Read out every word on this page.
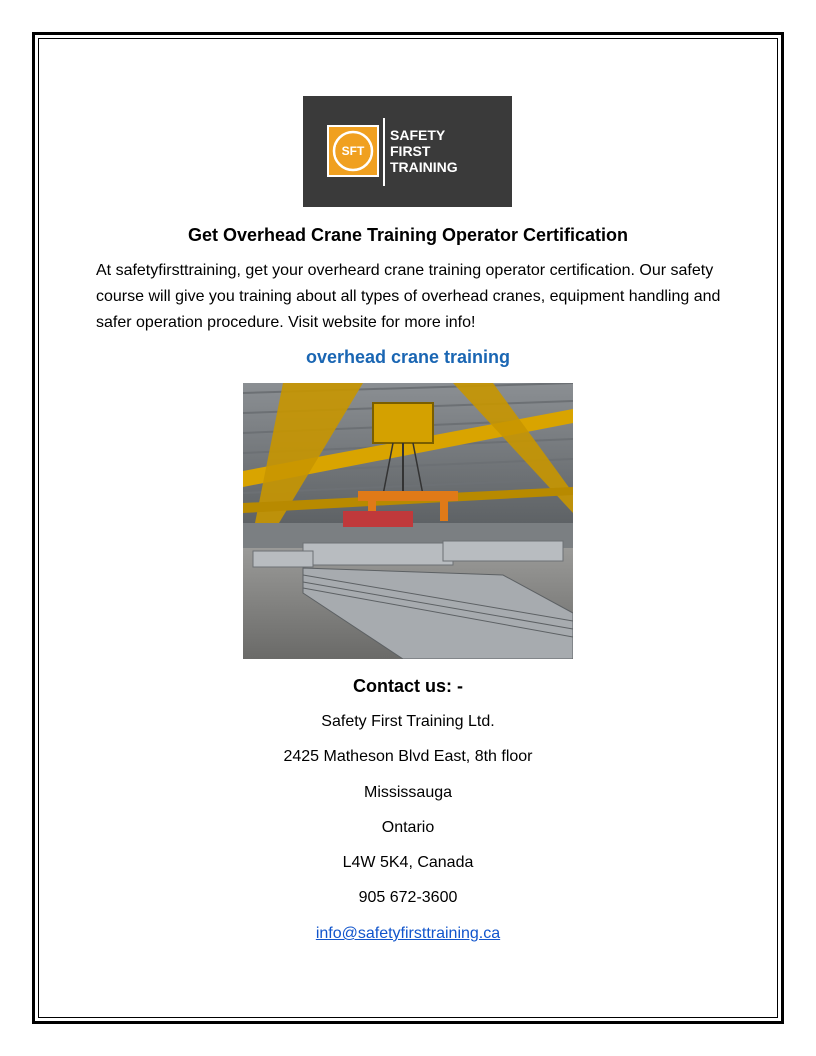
SFT
SAFETY
FIRST
TRAINING
Get Overhead Crane Training Operator Certification
At safetyfirsttraining, get your overheard crane training operator certification. Our safety course will give you training about all types of overhead cranes, equipment handling and safer operation procedure. Visit website for more info!
overhead crane training
Contact us: -
Safety First Training Ltd.
2425 Matheson Blvd East, 8th floor
Mississauga
Ontario
L4W 5K4, Canada
905 672-3600
info@safetyfirsttraining.ca
